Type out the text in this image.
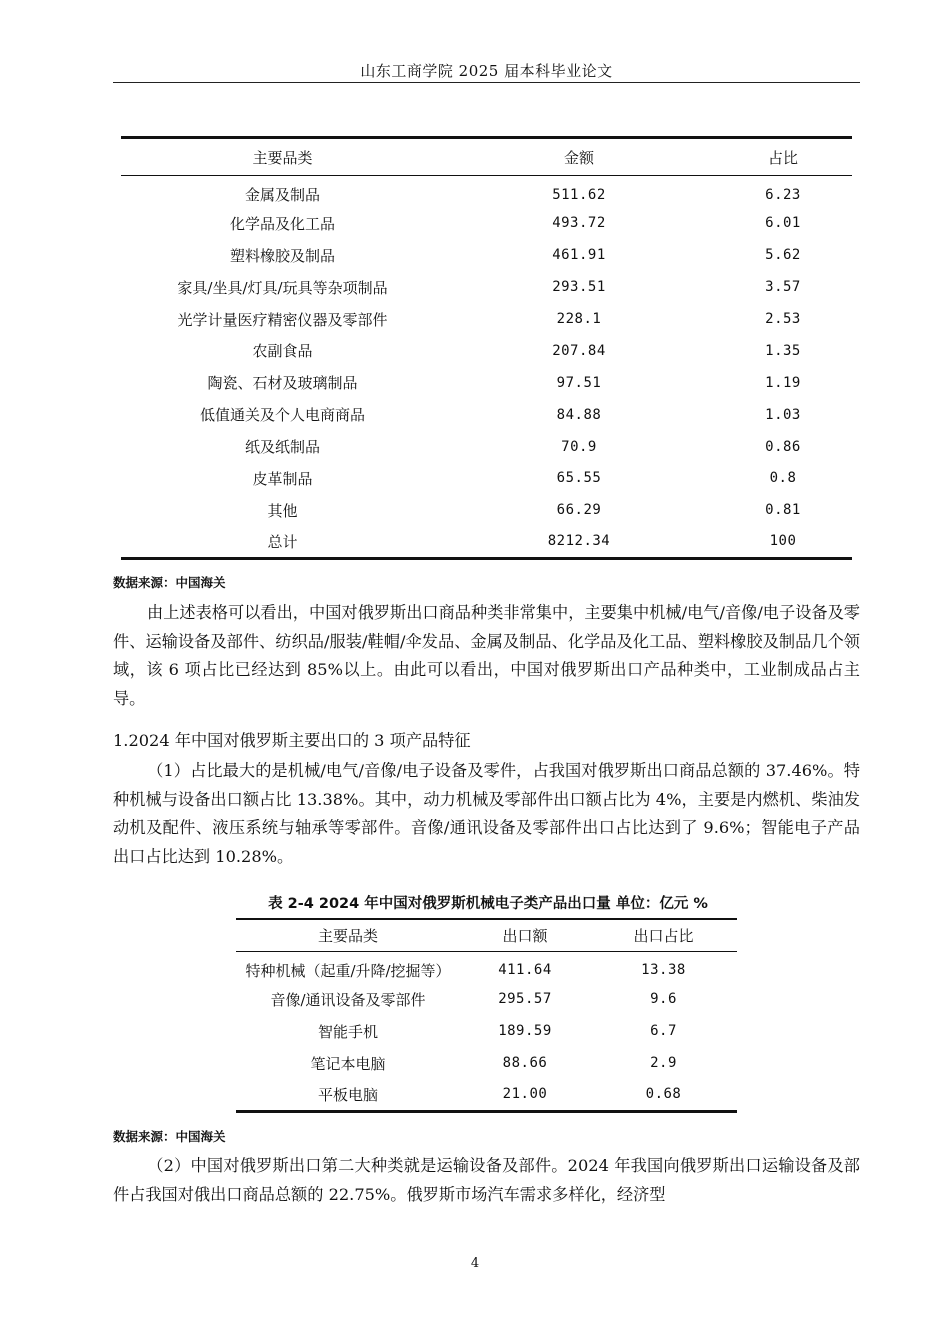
山东工商学院 2025 届本科毕业论文
主要品类	金额	占比
金属及制品	511.62	6.23
化学品及化工品	493.72	6.01
塑料橡胶及制品	461.91	5.62
家具/坐具/灯具/玩具等杂项制品	293.51	3.57
光学计量医疗精密仪器及零部件	228.1	2.53
农副食品	207.84	1.35
陶瓷、石材及玻璃制品	97.51	1.19
低值通关及个人电商商品	84.88	1.03
纸及纸制品	70.9	0.86
皮革制品	65.55	0.8
其他	66.29	0.81
总计	8212.34	100
数据来源：中国海关
由上述表格可以看出，中国对俄罗斯出口商品种类非常集中，主要集中机械/电气/音像/电子设备及零件、运输设备及部件、纺织品/服装/鞋帽/伞发品、金属及制品、化学品及化工品、塑料橡胶及制品几个领域，该 6 项占比已经达到 85%以上。由此可以看出，中国对俄罗斯出口产品种类中，工业制成品占主导。
1.2024 年中国对俄罗斯主要出口的 3 项产品特征
（1）占比最大的是机械/电气/音像/电子设备及零件，占我国对俄罗斯出口商品总额的 37.46%。特种机械与设备出口额占比 13.38%。其中，动力机械及零部件出口额占比为 4%，主要是内燃机、柴油发动机及配件、液压系统与轴承等零部件。音像/通讯设备及零部件出口占比达到了 9.6%；智能电子产品出口占比达到 10.28%。
表 2-4 2024 年中国对俄罗斯机械电子类产品出口量 单位：亿元 %
主要品类	出口额	出口占比
特种机械（起重/升降/挖掘等）	411.64	13.38
音像/通讯设备及零部件	295.57	9.6
智能手机	189.59	6.7
笔记本电脑	88.66	2.9
平板电脑	21.00	0.68
数据来源：中国海关
（2）中国对俄罗斯出口第二大种类就是运输设备及部件。2024 年我国向俄罗斯出口运输设备及部件占我国对俄出口商品总额的 22.75%。俄罗斯市场汽车需求多样化，经济型
4
